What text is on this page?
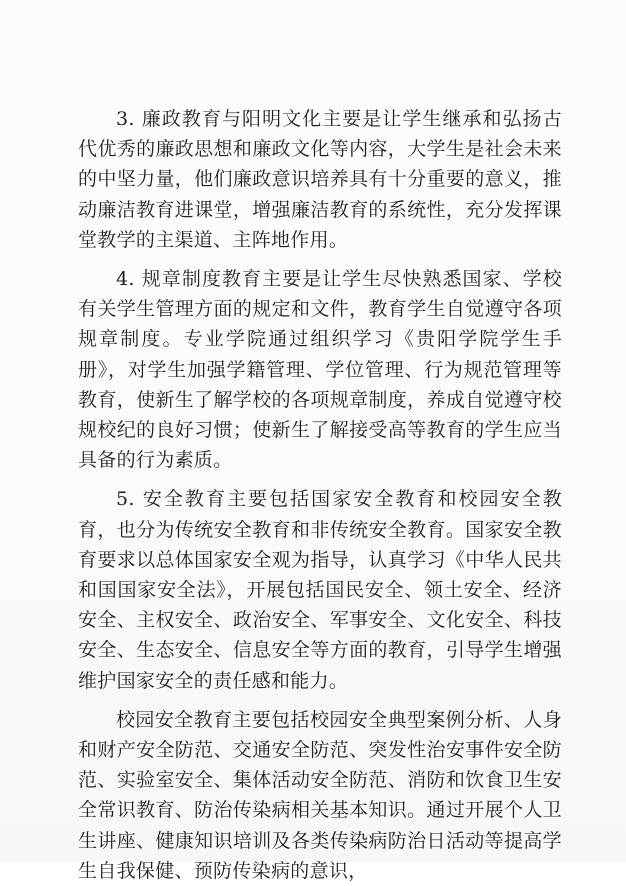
3. 廉政教育与阳明文化主要是让学生继承和弘扬古代优秀的廉政思想和廉政文化等内容，大学生是社会未来的中坚力量，他们廉政意识培养具有十分重要的意义，推动廉洁教育进课堂，增强廉洁教育的系统性，充分发挥课堂教学的主渠道、主阵地作用。

4. 规章制度教育主要是让学生尽快熟悉国家、学校有关学生管理方面的规定和文件，教育学生自觉遵守各项规章制度。专业学院通过组织学习《贵阳学院学生手册》，对学生加强学籍管理、学位管理、行为规范管理等教育，使新生了解学校的各项规章制度，养成自觉遵守校规校纪的良好习惯；使新生了解接受高等教育的学生应当具备的行为素质。

5. 安全教育主要包括国家安全教育和校园安全教育，也分为传统安全教育和非传统安全教育。国家安全教育要求以总体国家安全观为指导，认真学习《中华人民共和国国家安全法》，开展包括国民安全、领土安全、经济安全、主权安全、政治安全、军事安全、文化安全、科技安全、生态安全、信息安全等方面的教育，引导学生增强维护国家安全的责任感和能力。

校园安全教育主要包括校园安全典型案例分析、人身和财产安全防范、交通安全防范、突发性治安事件安全防范、实验室安全、集体活动安全防范、消防和饮食卫生安全常识教育、防治传染病相关基本知识。通过开展个人卫生讲座、健康知识培训及各类传染病防治日活动等提高学生自我保健、预防传染病的意识，
